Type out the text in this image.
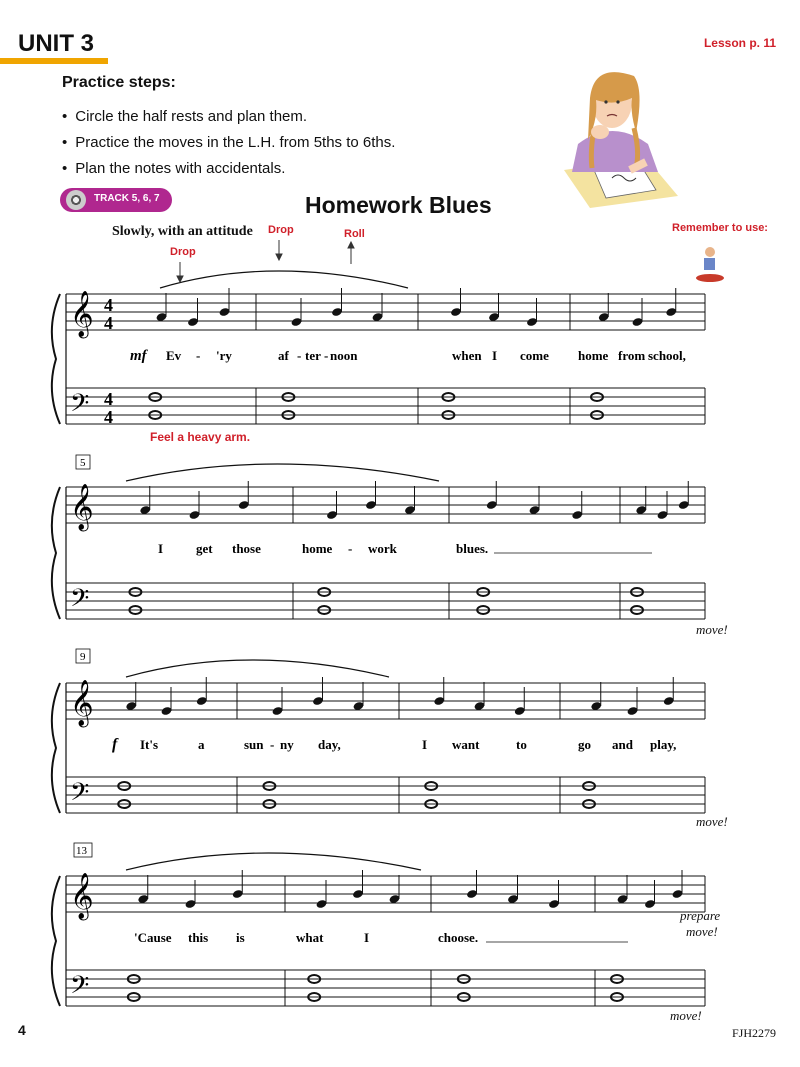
UNIT 3	Lesson p. 11
Practice steps:
• Circle the half rests and plan them.
• Practice the moves in the L.H. from 5ths to 6ths.
• Plan the notes with accidentals.
TRACK 5, 6, 7	Homework Blues
Slowly, with an attitude
Drop
Drop	Roll	Remember to use:
Feel a heavy arm.
move!
move!
prepare
move!
move!
𝄞
𝄢
4
4
4
4
𝄞
𝄢
𝄞
𝄢
𝄞
𝄢
mf
f
5
9
13
Ev - 'ry	af - ter - noon	when I come home from school,
I	get those	home - work	blues.
It's	a	sun - ny day,	I want	to	go and play,
'Cause this is	what	I	choose.
4	FJH2279
